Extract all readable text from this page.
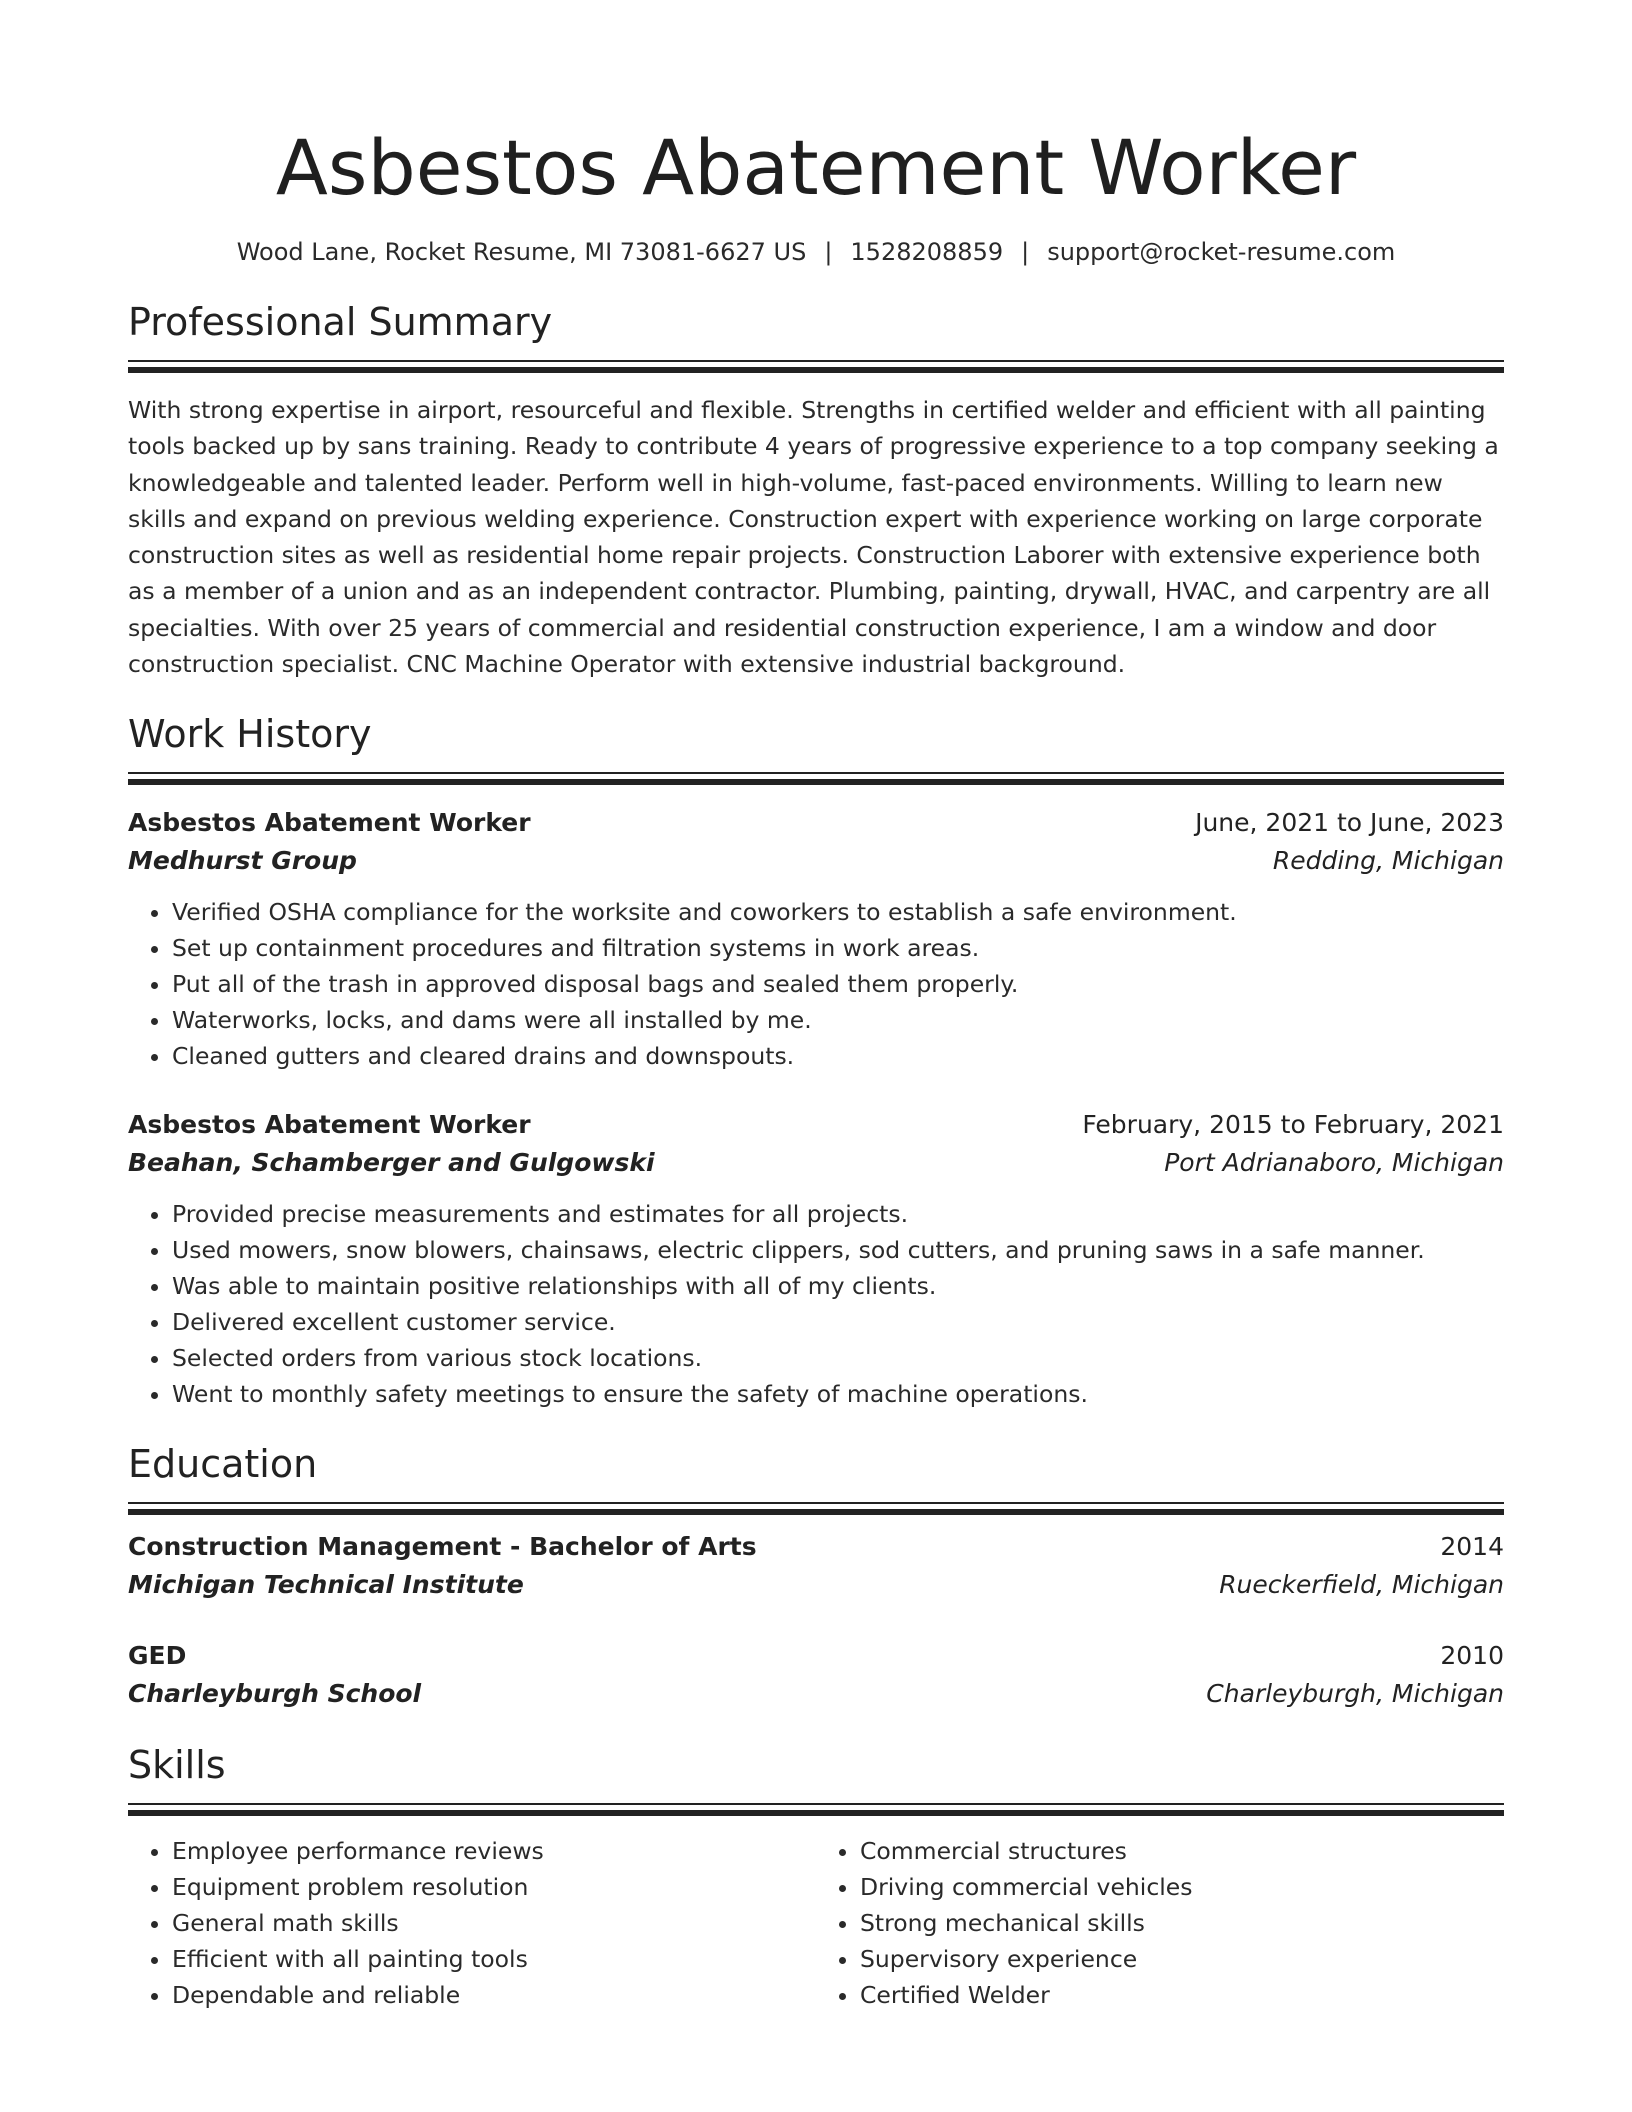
Asbestos Abatement Worker
Wood Lane, Rocket Resume, MI 73081-6627 US | 1528208859 | support@rocket-resume.com
Professional Summary
With strong expertise in airport, resourceful and flexible. Strengths in certified welder and efficient with all painting tools backed up by sans training. Ready to contribute 4 years of progressive experience to a top company seeking a knowledgeable and talented leader. Perform well in high-volume, fast-paced environments. Willing to learn new skills and expand on previous welding experience. Construction expert with experience working on large corporate construction sites as well as residential home repair projects. Construction Laborer with extensive experience both as a member of a union and as an independent contractor. Plumbing, painting, drywall, HVAC, and carpentry are all specialties. With over 25 years of commercial and residential construction experience, I am a window and door construction specialist. CNC Machine Operator with extensive industrial background.
Work History
Asbestos Abatement Worker	June, 2021 to June, 2023
Medhurst Group	Redding, Michigan
• Verified OSHA compliance for the worksite and coworkers to establish a safe environment.
• Set up containment procedures and filtration systems in work areas.
• Put all of the trash in approved disposal bags and sealed them properly.
• Waterworks, locks, and dams were all installed by me.
• Cleaned gutters and cleared drains and downspouts.
Asbestos Abatement Worker	February, 2015 to February, 2021
Beahan, Schamberger and Gulgowski	Port Adrianaboro, Michigan
• Provided precise measurements and estimates for all projects.
• Used mowers, snow blowers, chainsaws, electric clippers, sod cutters, and pruning saws in a safe manner.
• Was able to maintain positive relationships with all of my clients.
• Delivered excellent customer service.
• Selected orders from various stock locations.
• Went to monthly safety meetings to ensure the safety of machine operations.
Education
Construction Management - Bachelor of Arts	2014
Michigan Technical Institute	Rueckerfield, Michigan
GED	2010
Charleyburgh School	Charleyburgh, Michigan
Skills
• Employee performance reviews
• Equipment problem resolution
• General math skills
• Efficient with all painting tools
• Dependable and reliable
• Commercial structures
• Driving commercial vehicles
• Strong mechanical skills
• Supervisory experience
• Certified Welder
